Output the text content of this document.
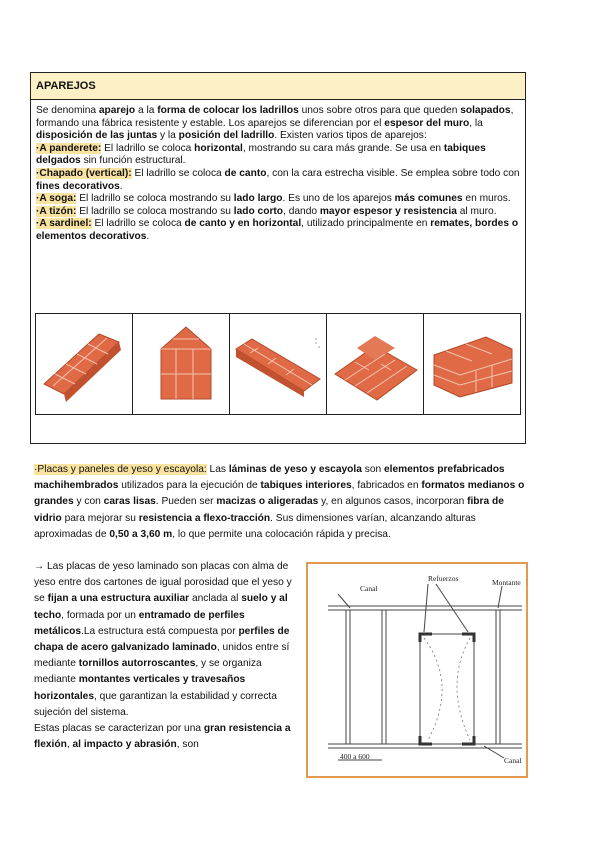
APAREJOS

Se denomina aparejo a la forma de colocar los ladrillos unos sobre otros para que queden solapados, formando una fábrica resistente y estable. Los aparejos se diferencian por el espesor del muro, la disposición de las juntas y la posición del ladrillo. Existen varios tipos de aparejos:

·A panderete: El ladrillo se coloca horizontal, mostrando su cara más grande. Se usa en tabiques delgados sin función estructural.

·Chapado (vertical): El ladrillo se coloca de canto, con la cara estrecha visible. Se emplea sobre todo con fines decorativos.

·A soga: El ladrillo se coloca mostrando su lado largo. Es uno de los aparejos más comunes en muros.

·A tizón: El ladrillo se coloca mostrando su lado corto, dando mayor espesor y resistencia al muro.

·A sardinel: El ladrillo se coloca de canto y en horizontal, utilizado principalmente en remates, bordes o elementos decorativos.

·Placas y paneles de yeso y escayola: Las láminas de yeso y escayola son elementos prefabricados machihembrados utilizados para la ejecución de tabiques interiores, fabricados en formatos medianos o grandes y con caras lisas. Pueden ser macizas o aligeradas y, en algunos casos, incorporan fibra de vidrio para mejorar su resistencia a flexo-tracción. Sus dimensiones varían, alcanzando alturas aproximadas de 0,50 a 3,60 m, lo que permite una colocación rápida y precisa.

→ Las placas de yeso laminado son placas con alma de yeso entre dos cartones de igual porosidad que el yeso y se fijan a una estructura auxiliar anclada al suelo y al techo, formada por un entramado de perfiles metálicos.La estructura está compuesta por perfiles de chapa de acero galvanizado laminado, unidos entre sí mediante tornillos autorroscantes, y se organiza mediante montantes verticales y travesaños horizontales, que garantizan la estabilidad y correcta sujeción del sistema.

Estas placas se caracterizan por una gran resistencia a flexión, al impacto y abrasión, son

Canal
Refuerzos	Montante
Canal
400 a 600
